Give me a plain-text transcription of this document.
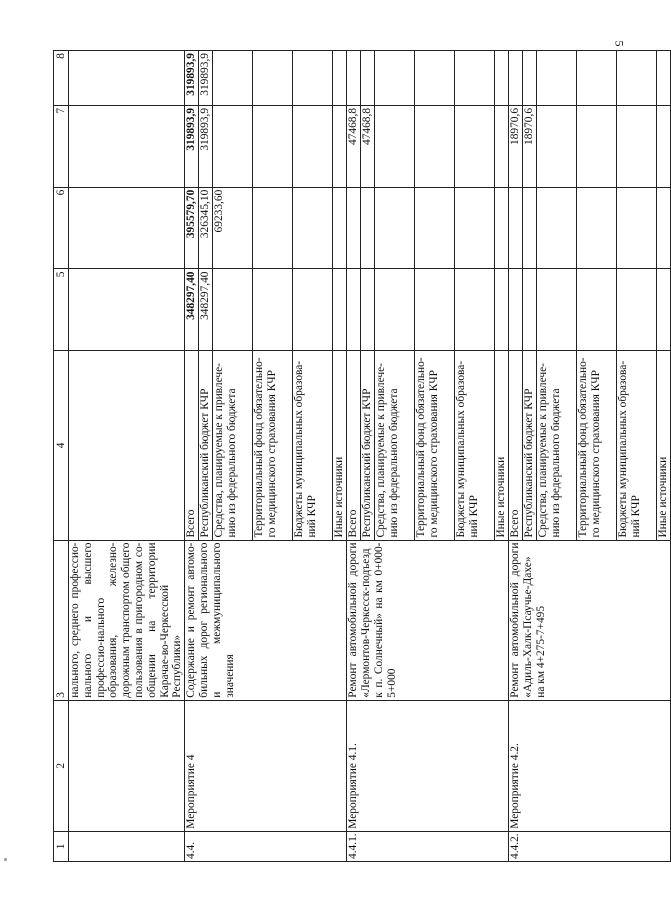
5
1	2	3	4	5	6	7	8
		нального, среднего профессио-нального и высшего профессио-нального образования, железно-дорожным транспортом общего пользования в пригородном со-общении на территории Карачае-во-Черкесской Республики»					
4.4.	Мероприятие 4	Содержание и ремонт автомо-бильных дорог регионального и межмуниципального значения	Всего	348297,40	395579,70	319893,9	319893,9
			Республиканский бюджет КЧР	348297,40	326345,10	319893,9	319893,9
			Средства, планируемые к привлече-нию из федерального бюджета		69233,60		
			Территориальный фонд обязательно-го медицинского страхования КЧР				
			Бюджеты муниципальных образова-ний КЧР				
			Иные источники				
4.4.1.	Мероприятие 4.1.	Ремонт автомобильной дороги «Лермонтов-Черкесск-подъезд к п. Солнечный» на км 0+000-5+000	Всего			47468,8	
			Республиканский бюджет КЧР			47468,8	
			Средства, планируемые к привлече-нию из федерального бюджета				
			Территориальный фонд обязательно-го медицинского страхования КЧР				
			Бюджеты муниципальных образова-ний КЧР				
			Иные источники				
4.4.2.	Мероприятие 4.2.	Ремонт автомобильной дороги «Адиль-Халк-Псаучье-Дахе» на км 4+275-7+495	Всего			18970,6	
			Республиканский бюджет КЧР			18970,6	
			Средства, планируемые к привлече-нию из федерального бюджета				
			Территориальный фонд обязательно-го медицинского страхования КЧР				
			Бюджеты муниципальных образова-ний КЧР				
			Иные источники				
